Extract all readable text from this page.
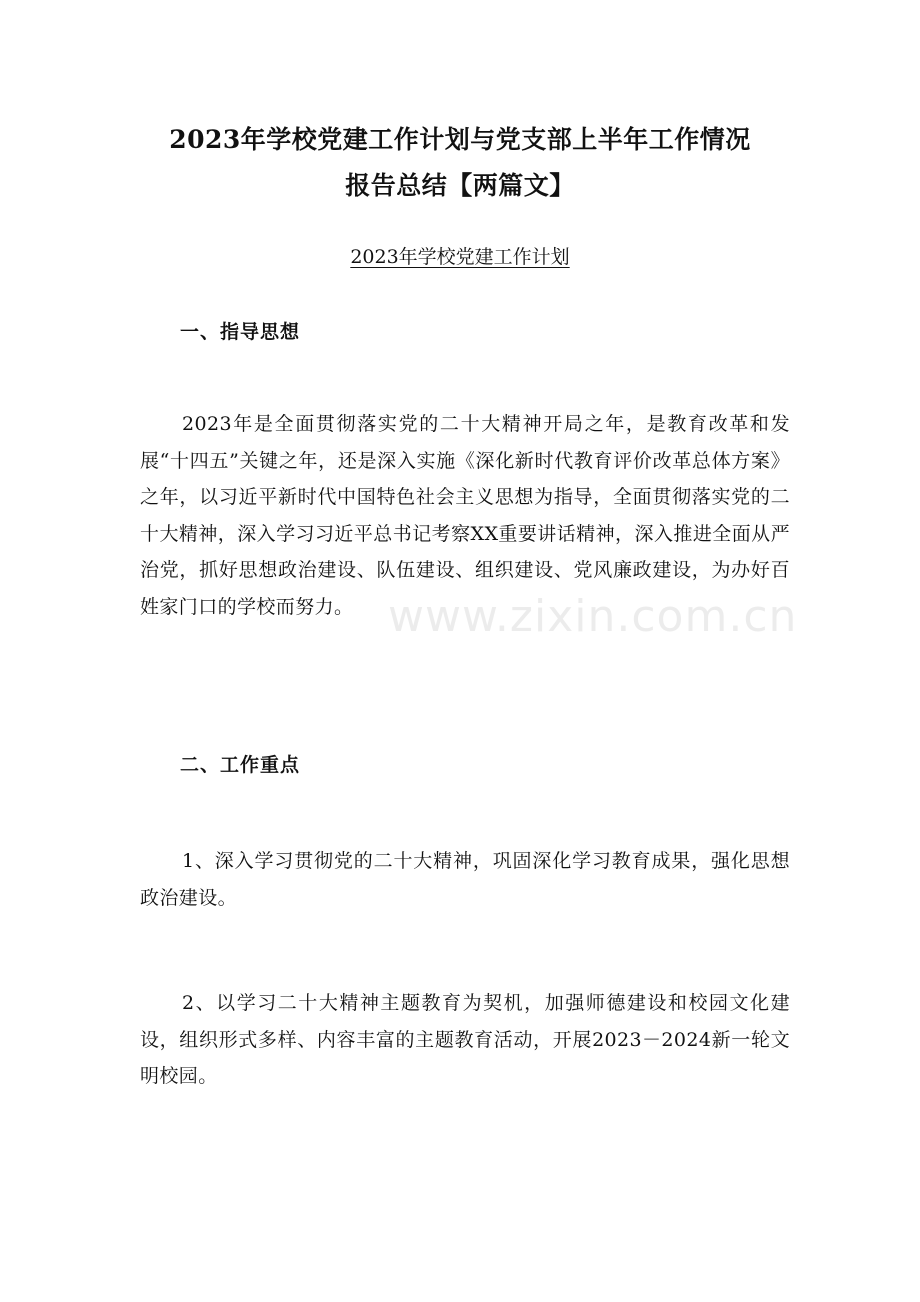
2023年学校党建工作计划与党支部上半年工作情况
报告总结【两篇文】
2023年学校党建工作计划
一、指导思想
2023年是全面贯彻落实党的二十大精神开局之年，是教育改革和发展“十四五”关键之年，还是深入实施《深化新时代教育评价改革总体方案》之年，以习近平新时代中国特色社会主义思想为指导，全面贯彻落实党的二十大精神，深入学习习近平总书记考察XX重要讲话精神，深入推进全面从严治党，抓好思想政治建设、队伍建设、组织建设、党风廉政建设，为办好百姓家门口的学校而努力。 www.zixin.com.cn
二、工作重点
1、深入学习贯彻党的二十大精神，巩固深化学习教育成果，强化思想政治建设。
2、以学习二十大精神主题教育为契机，加强师德建设和校园文化建设，组织形式多样、内容丰富的主题教育活动，开展2023－2024新一轮文明校园。
